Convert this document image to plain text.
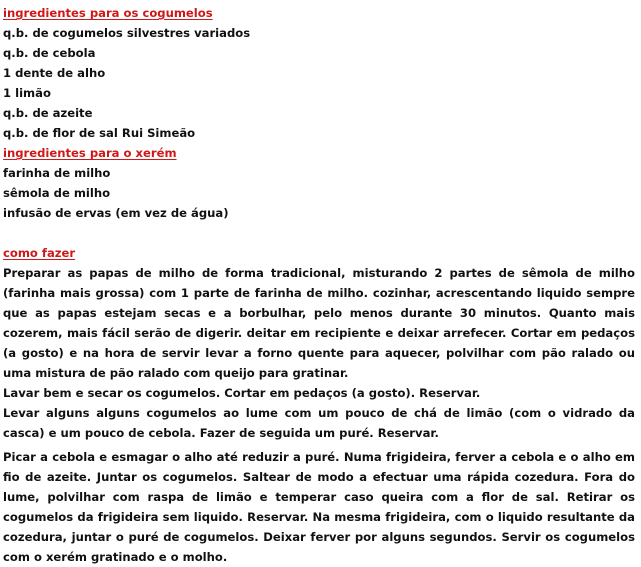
ingredientes para os cogumelos
q.b. de cogumelos silvestres variados
q.b. de cebola
1 dente de alho
1 limão
q.b. de azeite
q.b. de flor de sal Rui Simeão
ingredientes para o xerém
farinha de milho
sêmola de milho
infusão de ervas (em vez de água)
como fazer

Preparar as papas de milho de forma tradicional, misturando 2 partes de sêmola de milho (farinha mais grossa) com 1 parte de farinha de milho. cozinhar, acrescentando liquido sempre que as papas estejam secas e a borbulhar, pelo menos durante 30 minutos. Quanto mais cozerem, mais fácil serão de digerir. deitar em recipiente e deixar arrefecer. Cortar em pedaços (a gosto) e na hora de servir levar a forno quente para aquecer, polvilhar com pão ralado ou uma mistura de pão ralado com queijo para gratinar.

Lavar bem e secar os cogumelos. Cortar em pedaços (a gosto). Reservar.

Levar alguns alguns cogumelos ao lume com um pouco de chá de limão (com o vidrado da casca) e um pouco de cebola. Fazer de seguida um puré. Reservar.

Picar a cebola e esmagar o alho até reduzir a puré. Numa frigideira, ferver a cebola e o alho em fio de azeite. Juntar os cogumelos. Saltear de modo a efectuar uma rápida cozedura. Fora do lume, polvilhar com raspa de limão e temperar caso queira com a flor de sal. Retirar os cogumelos da frigideira sem liquido. Reservar. Na mesma frigideira, com o liquido resultante da cozedura, juntar o puré de cogumelos. Deixar ferver por alguns segundos. Servir os cogumelos com o xerém gratinado e o molho.
